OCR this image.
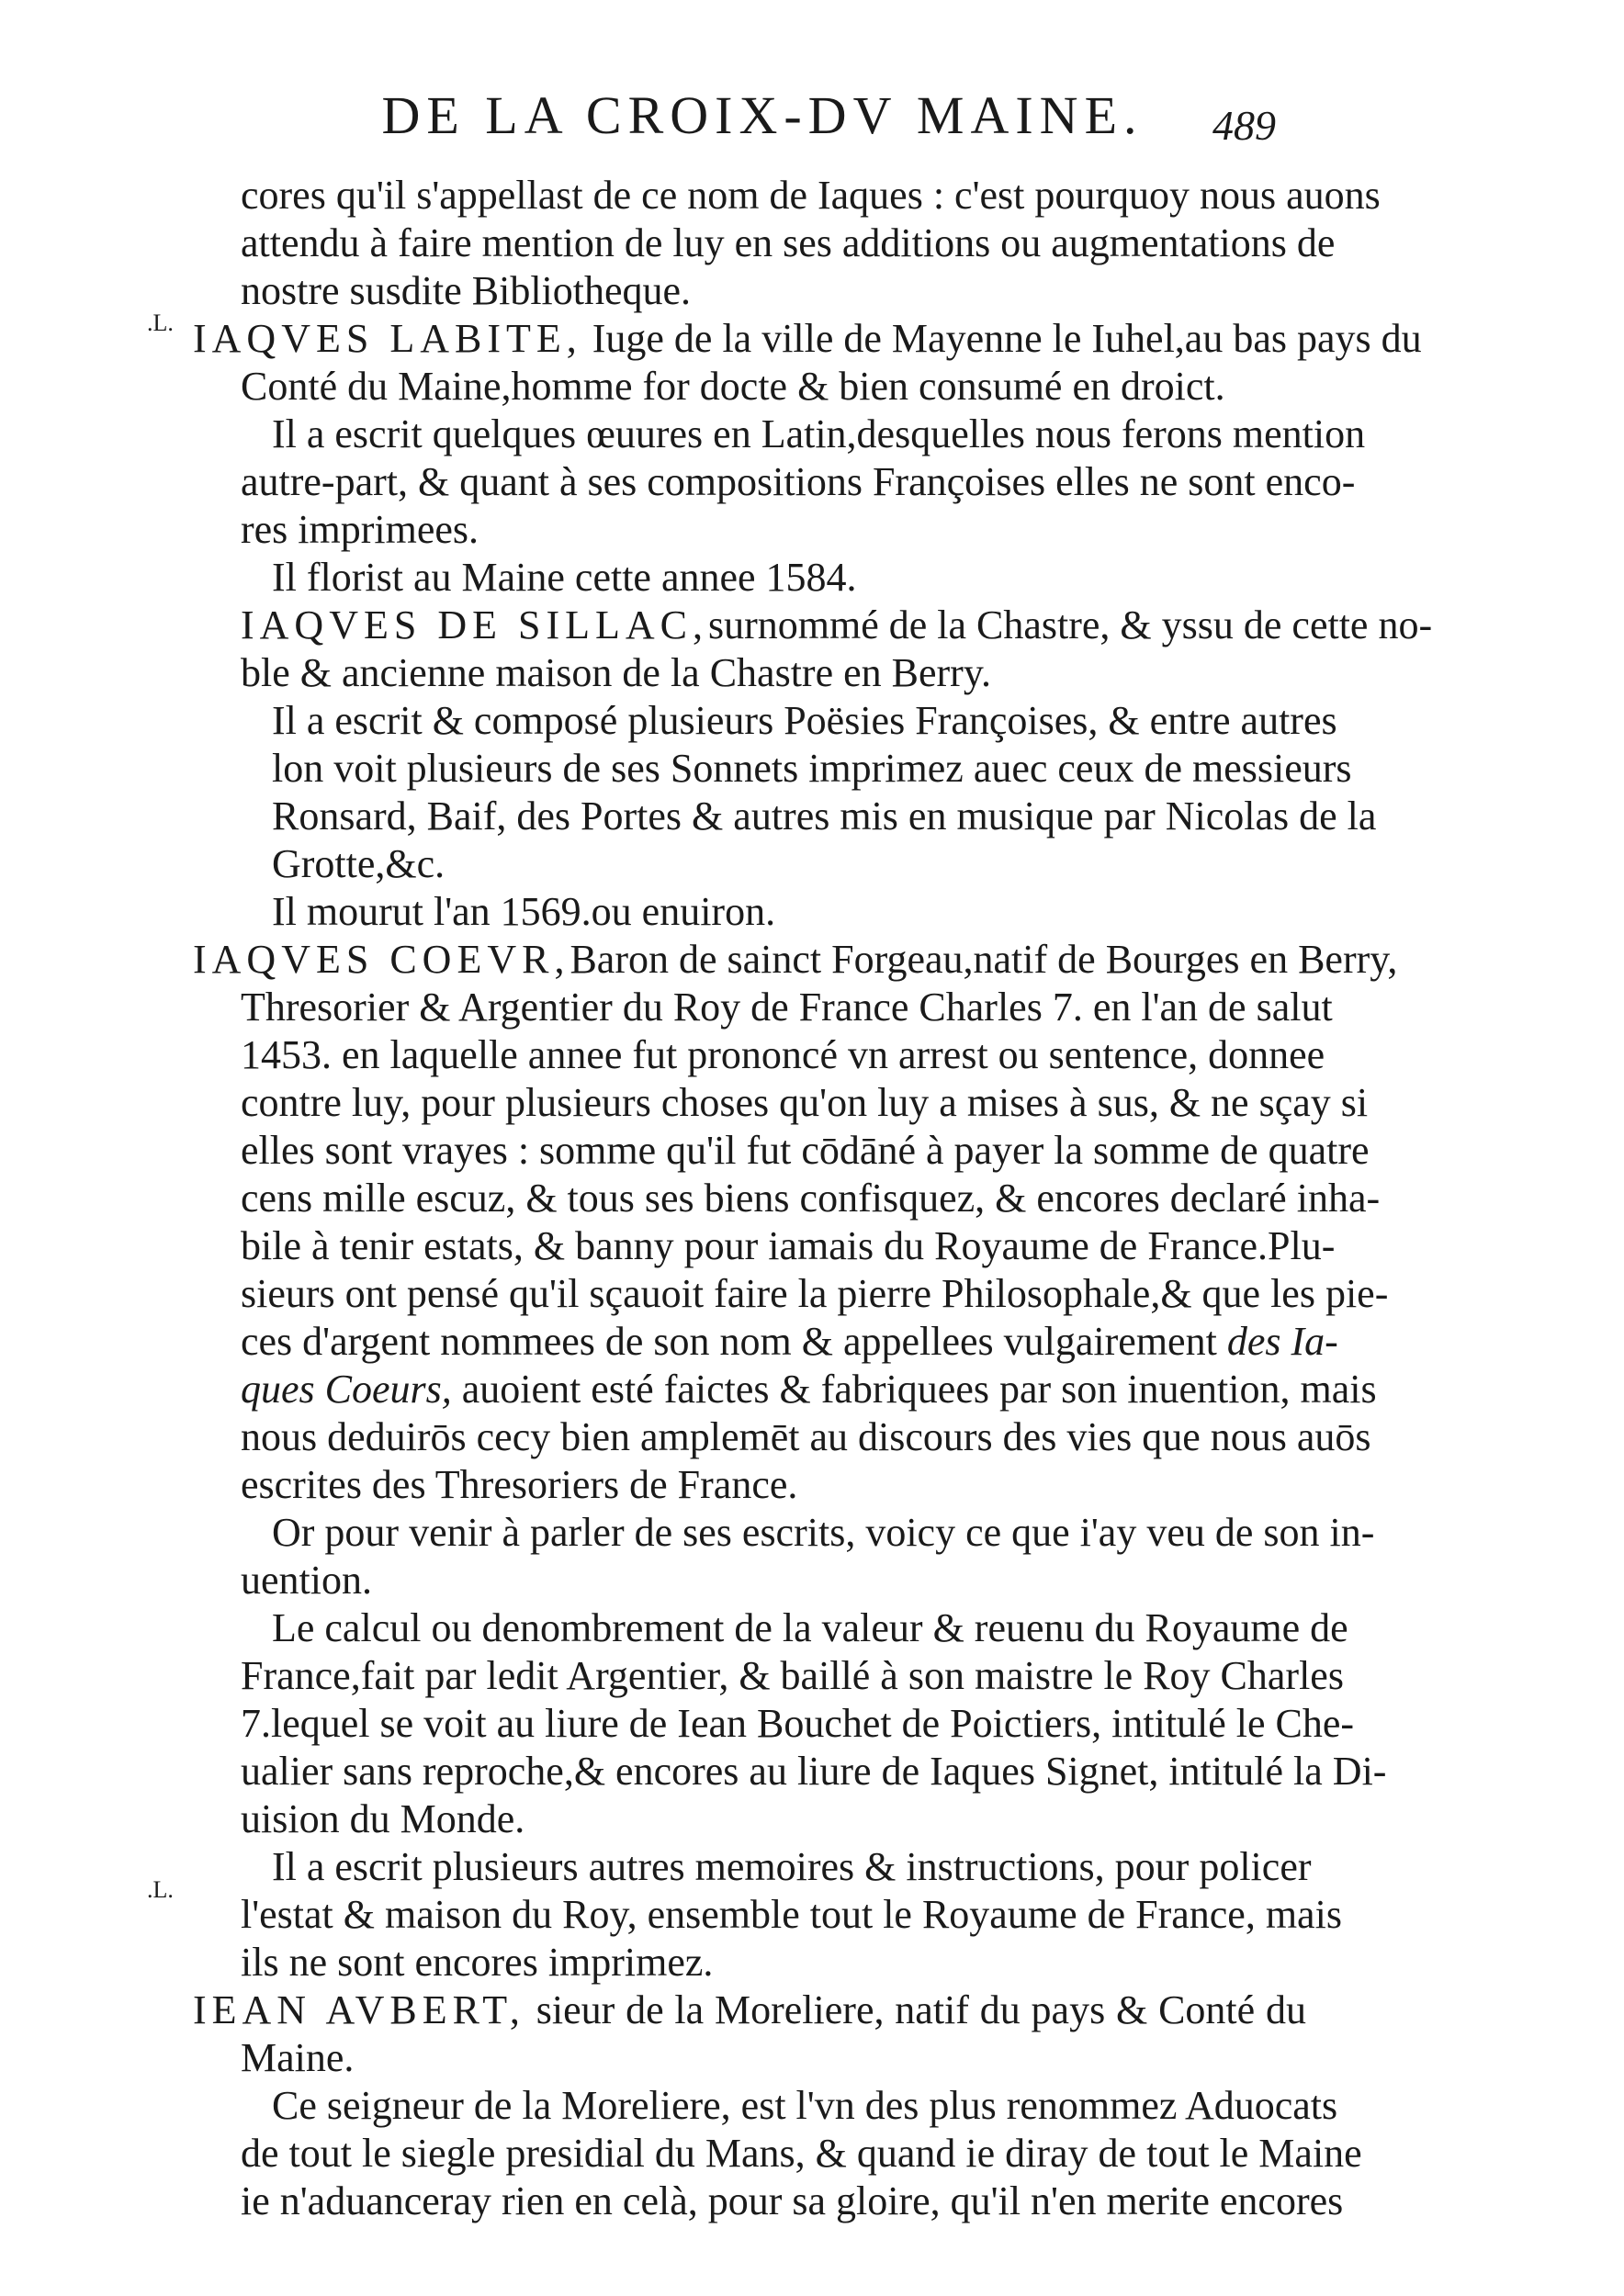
DE LA CROIX-DV MAINE.	489
.L.
.L.
cores qu'il s'appellast de ce nom de Iaques : c'est pourquoy nous auons
attendu à faire mention de luy en ses additions ou augmentations de
nostre susdite Bibliotheque.
IAQVES LABITE, Iuge de la ville de Mayenne le Iuhel,au bas pays du
Conté du Maine,homme for docte & bien consumé en droict.
Il a escrit quelques œuures en Latin,desquelles nous ferons mention
autre-part, & quant à ses compositions Françoises elles ne sont enco-
res imprimees.
Il florist au Maine cette annee 1584.
IAQVES DE SILLAC,surnommé de la Chastre, & yssu de cette no-
ble & ancienne maison de la Chastre en Berry.
Il a escrit & composé plusieurs Poësies Françoises, & entre autres
lon voit plusieurs de ses Sonnets imprimez auec ceux de messieurs
Ronsard, Baif, des Portes & autres mis en musique par Nicolas de la
Grotte,&c.
Il mourut l'an 1569.ou enuiron.
IAQVES COEVR,Baron de sainct Forgeau,natif de Bourges en Berry,
Thresorier & Argentier du Roy de France Charles 7. en l'an de salut
1453. en laquelle annee fut prononcé vn arrest ou sentence, donnee
contre luy, pour plusieurs choses qu'on luy a mises à sus, & ne sçay si
elles sont vrayes : somme qu'il fut cōdāné à payer la somme de quatre
cens mille escuz, & tous ses biens confisquez, & encores declaré inha-
bile à tenir estats, & banny pour iamais du Royaume de France.Plu-
sieurs ont pensé qu'il sçauoit faire la pierre Philosophale,& que les pie-
ces d'argent nommees de son nom & appellees vulgairement des Ia-
ques Coeurs, auoient esté faictes & fabriquees par son inuention, mais
nous deduirōs cecy bien amplemēt au discours des vies que nous auōs
escrites des Thresoriers de France.
Or pour venir à parler de ses escrits, voicy ce que i'ay veu de son in-
uention.
Le calcul ou denombrement de la valeur & reuenu du Royaume de
France,fait par ledit Argentier, & baillé à son maistre le Roy Charles
7.lequel se voit au liure de Iean Bouchet de Poictiers, intitulé le Che-
ualier sans reproche,& encores au liure de Iaques Signet, intitulé la Di-
uision du Monde.
Il a escrit plusieurs autres memoires & instructions, pour policer
l'estat & maison du Roy, ensemble tout le Royaume de France, mais
ils ne sont encores imprimez.
IEAN AVBERT, sieur de la Moreliere, natif du pays & Conté du
Maine.
Ce seigneur de la Moreliere, est l'vn des plus renommez Aduocats
de tout le siegle presidial du Mans, & quand ie diray de tout le Maine
ie n'aduanceray rien en celà, pour sa gloire, qu'il n'en merite encores
